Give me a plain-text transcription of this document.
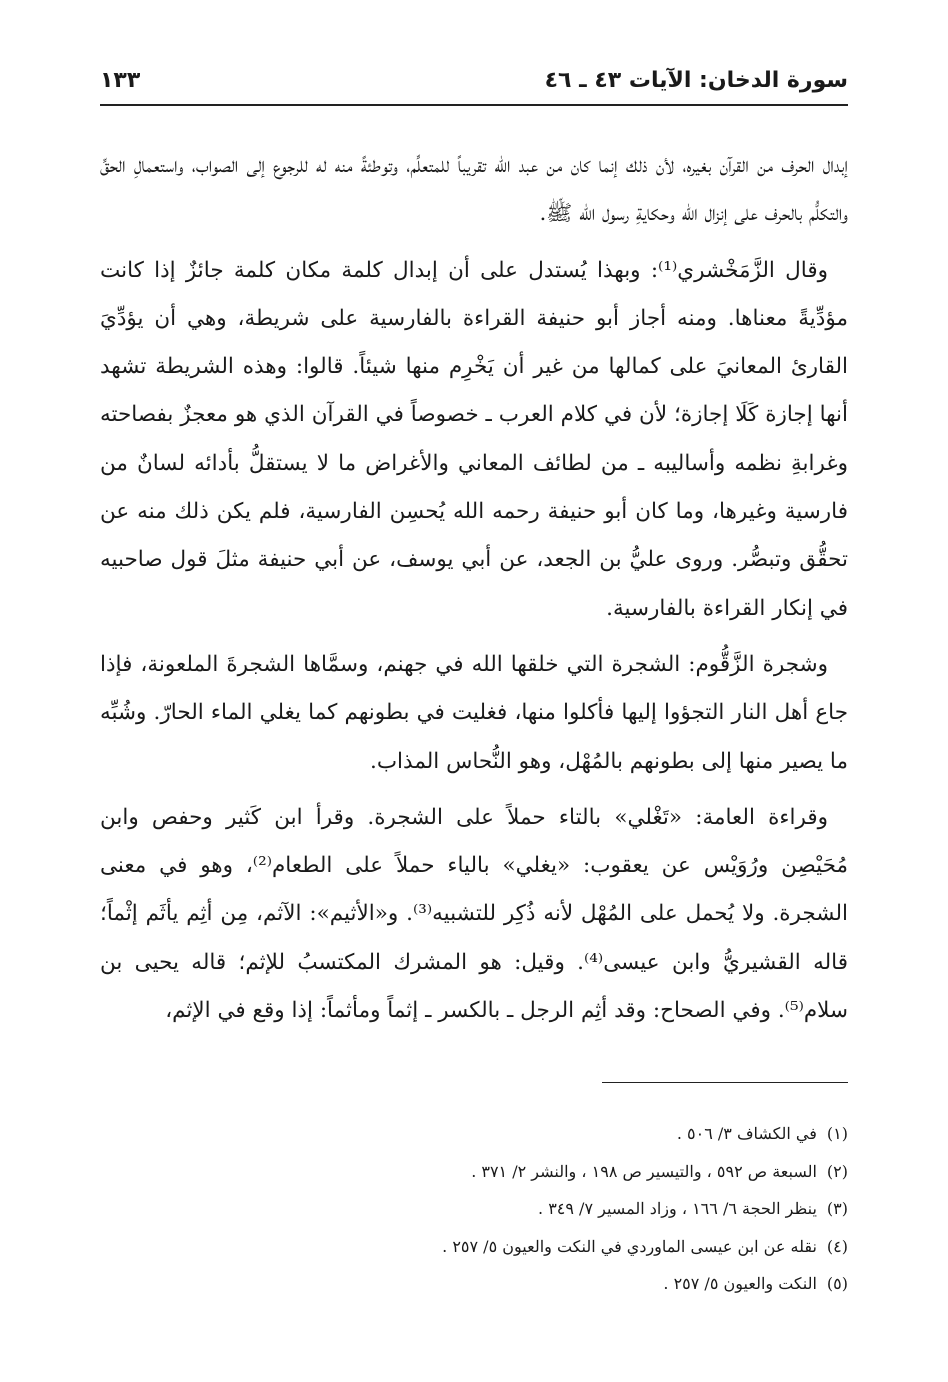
سورة الدخان: الآيات ٤٣ ـ ٤٦
١٣٣

إبدال الحرف من القرآن بغيره، لأن ذلك إنما كان من عبد الله تقريباً للمتعلِّم، وتوطئةً منه له للرجوع إلى الصواب، واستعمالِ الحقِّ والتكلُّم بالحرف على إنزال الله وحكايةِ رسول الله ﷺ.

وقال الزَّمَخْشري⁽¹⁾: وبهذا يُستدل على أن إبدال كلمة مكان كلمة جائزٌ إذا كانت مؤدِّيةً معناها. ومنه أجاز أبو حنيفة القراءة بالفارسية على شريطة، وهي أن يؤدِّيَ القارئ المعانيَ على كمالها من غير أن يَخْرِم منها شيئاً. قالوا: وهذه الشريطة تشهد أنها إجازة كَلَا إجازة؛ لأن في كلام العرب ـ خصوصاً في القرآن الذي هو معجزٌ بفصاحته وغرابةِ نظمه وأساليبه ـ من لطائف المعاني والأغراض ما لا يستقلُّ بأدائه لسانٌ من فارسية وغيرها، وما كان أبو حنيفة رحمه الله يُحسِن الفارسية، فلم يكن ذلك منه عن تحقُّق وتبصُّر. وروى عليُّ بن الجعد، عن أبي يوسف، عن أبي حنيفة مثلَ قول صاحبيه في إنكار القراءة بالفارسية.

وشجرة الزَّقُّوم: الشجرة التي خلقها الله في جهنم، وسمَّاها الشجرةَ الملعونة، فإذا جاع أهل النار التجؤوا إليها فأكلوا منها، فغليت في بطونهم كما يغلي الماء الحارّ. وشُبِّه ما يصير منها إلى بطونهم بالمُهْل، وهو النُّحاس المذاب.

وقراءة العامة: «تَغْلي» بالتاء حملاً على الشجرة. وقرأ ابن كَثير وحفص وابن مُحَيْصِن ورُوَيْس عن يعقوب: «يغلي» بالياء حملاً على الطعام⁽²⁾، وهو في معنى الشجرة. ولا يُحمل على المُهْل لأنه ذُكِر للتشبيه⁽³⁾. و«الأثيم»: الآثم، مِن أثِم يأثَم إثْماً؛ قاله القشيريُّ وابن عيسى⁽⁴⁾. وقيل: هو المشرك المكتسبُ للإثم؛ قاله يحيى بن سلام⁽⁵⁾. وفي الصحاح: وقد أثِم الرجل ـ بالكسر ـ إثماً ومأثماً: إذا وقع في الإثم،

(١)في الكشاف ٣/ ٥٠٦ .
(٢)السبعة ص ٥٩٢ ، والتيسير ص ١٩٨ ، والنشر ٢/ ٣٧١ .
(٣)ينظر الحجة ٦/ ١٦٦ ، وزاد المسير ٧/ ٣٤٩ .
(٤)نقله عن ابن عيسى الماوردي في النكت والعيون ٥/ ٢٥٧ .
(٥)النكت والعيون ٥/ ٢٥٧ .
